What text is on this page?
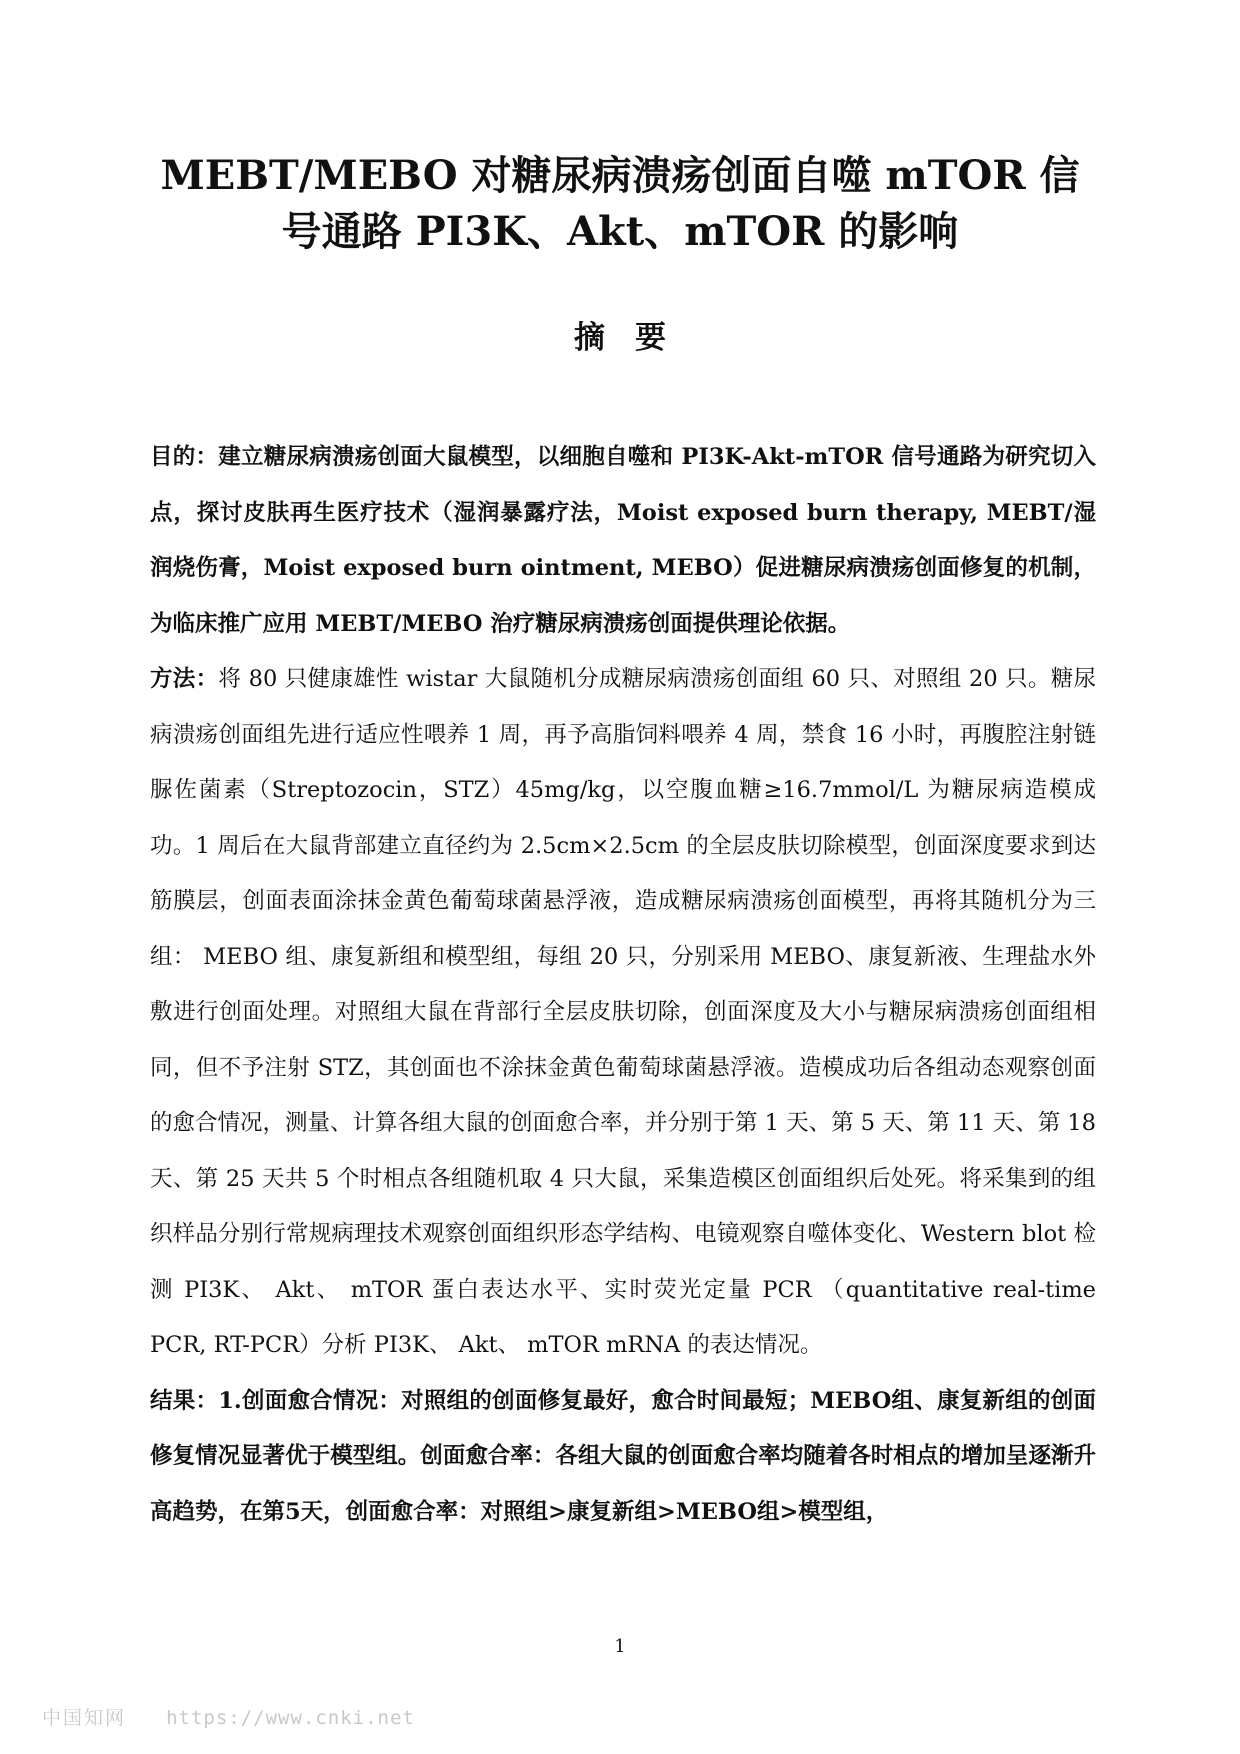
MEBT/MEBO 对糖尿病溃疡创面自噬 mTOR 信
号通路 PI3K、Akt、mTOR 的影响
摘要

目的：建立糖尿病溃疡创面大鼠模型，以细胞自噬和 PI3K-Akt-mTOR 信号通路为研究切入点，探讨皮肤再生医疗技术（湿润暴露疗法，Moist exposed burn therapy, MEBT/湿润烧伤膏，Moist exposed burn ointment, MEBO）促进糖尿病溃疡创面修复的机制，为临床推广应用 MEBT/MEBO 治疗糖尿病溃疡创面提供理论依据。

方法：将 80 只健康雄性 wistar 大鼠随机分成糖尿病溃疡创面组 60 只、对照组 20 只。糖尿病溃疡创面组先进行适应性喂养 1 周，再予高脂饲料喂养 4 周，禁食 16 小时，再腹腔注射链脲佐菌素（Streptozocin，STZ）45mg/kg，以空腹血糖≥16.7mmol/L 为糖尿病造模成功。1 周后在大鼠背部建立直径约为 2.5cm×2.5cm 的全层皮肤切除模型，创面深度要求到达筋膜层，创面表面涂抹金黄色葡萄球菌悬浮液，造成糖尿病溃疡创面模型，再将其随机分为三组： MEBO 组、康复新组和模型组，每组 20 只，分别采用 MEBO、康复新液、生理盐水外敷进行创面处理。对照组大鼠在背部行全层皮肤切除，创面深度及大小与糖尿病溃疡创面组相同，但不予注射 STZ，其创面也不涂抹金黄色葡萄球菌悬浮液。造模成功后各组动态观察创面的愈合情况，测量、计算各组大鼠的创面愈合率，并分别于第 1 天、第 5 天、第 11 天、第 18 天、第 25 天共 5 个时相点各组随机取 4 只大鼠，采集造模区创面组织后处死。将采集到的组织样品分别行常规病理技术观察创面组织形态学结构、电镜观察自噬体变化、Western blot 检测 PI3K、 Akt、 mTOR 蛋白表达水平、实时荧光定量 PCR （quantitative real-time PCR, RT-PCR）分析 PI3K、 Akt、 mTOR mRNA 的表达情况。

结果：1.创面愈合情况：对照组的创面修复最好，愈合时间最短；MEBO组、康复新组的创面修复情况显著优于模型组。创面愈合率：各组大鼠的创面愈合率均随着各时相点的增加呈逐渐升高趋势，在第5天，创面愈合率：对照组>康复新组>MEBO组>模型组，

1
中国知网 https://www.cnki.net
